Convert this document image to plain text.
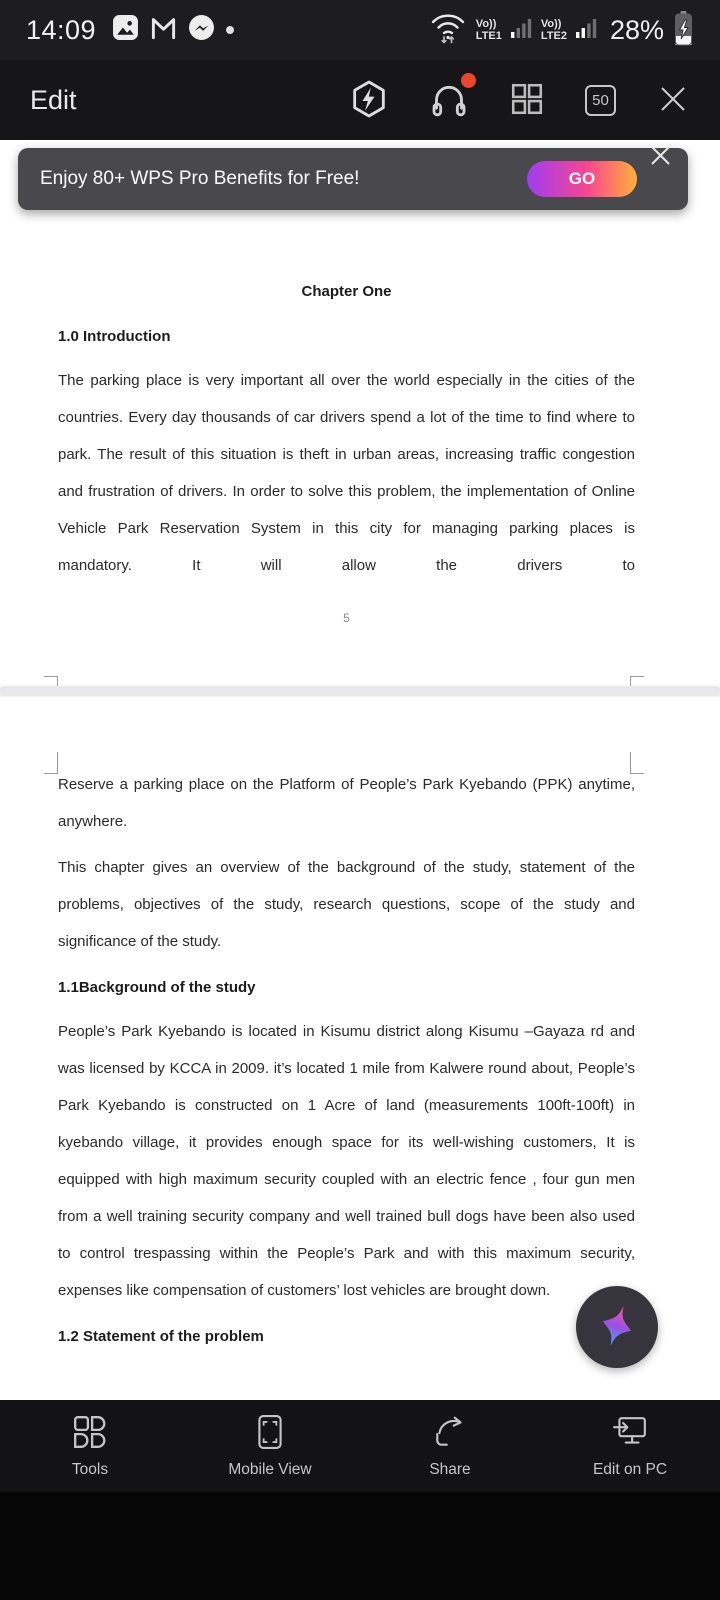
14:09	Vo))
LTE1
Vo))
LTE2 28%
Edit	50
Chapter One
1.0 Introduction

The parking place is very important all over the world especially in the cities of the countries. Every day thousands of car drivers spend a lot of the time to find where to park. The result of this situation is theft in urban areas, increasing traffic congestion and frustration of drivers. In order to solve this problem, the implementation of Online Vehicle Park Reservation System in this city for managing parking places is mandatory. It will allow the drivers to

5

Reserve a parking place on the Platform of People’s Park Kyebando (PPK) anytime, anywhere.

This chapter gives an overview of the background of the study, statement of the problems, objectives of the study, research questions, scope of the study and significance of the study.

1.1Background of the study

People’s Park Kyebando is located in Kisumu district along Kisumu –Gayaza rd and was licensed by KCCA in 2009. it’s located 1 mile from Kalwere round about, People’s Park Kyebando is constructed on 1 Acre of land (measurements 100ft-100ft) in kyebando village, it provides enough space for its well-wishing customers, It is equipped with high maximum security coupled with an electric fence , four gun men from a well training security company and well trained bull dogs have been also used to control trespassing within the People’s Park and with this maximum security, expenses like compensation of customers’ lost vehicles are brought down.

1.2 Statement of the problem
Enjoy 80+ WPS Pro Benefits for Free!	GO
Tools	Mobile View	Share	Edit on PC
